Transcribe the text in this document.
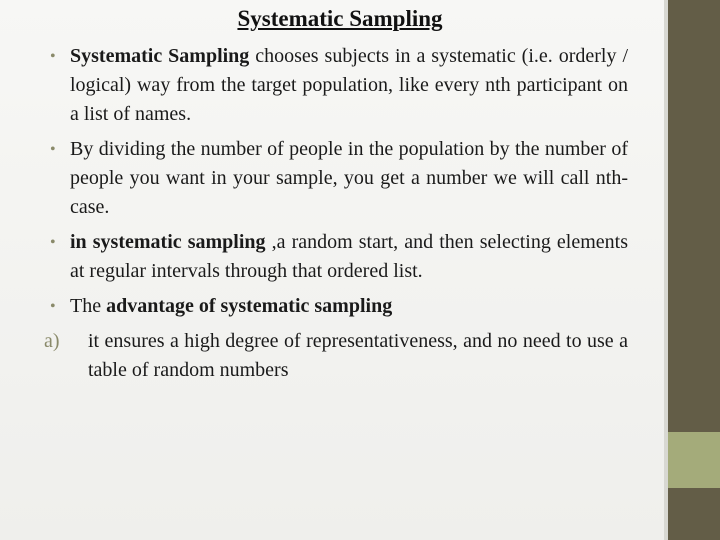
Systematic Sampling
• Systematic Sampling chooses subjects in a systematic (i.e. orderly / logical) way from the target population, like every nth participant on a list of names.
• By dividing the number of people in the population by the number of people you want in your sample, you get a number we will call nth- case.
• in systematic sampling ,a random start, and then selecting elements at regular intervals through that ordered list.
• The advantage of systematic sampling
a) it ensures a high degree of representativeness, and no need to use a table of random numbers
